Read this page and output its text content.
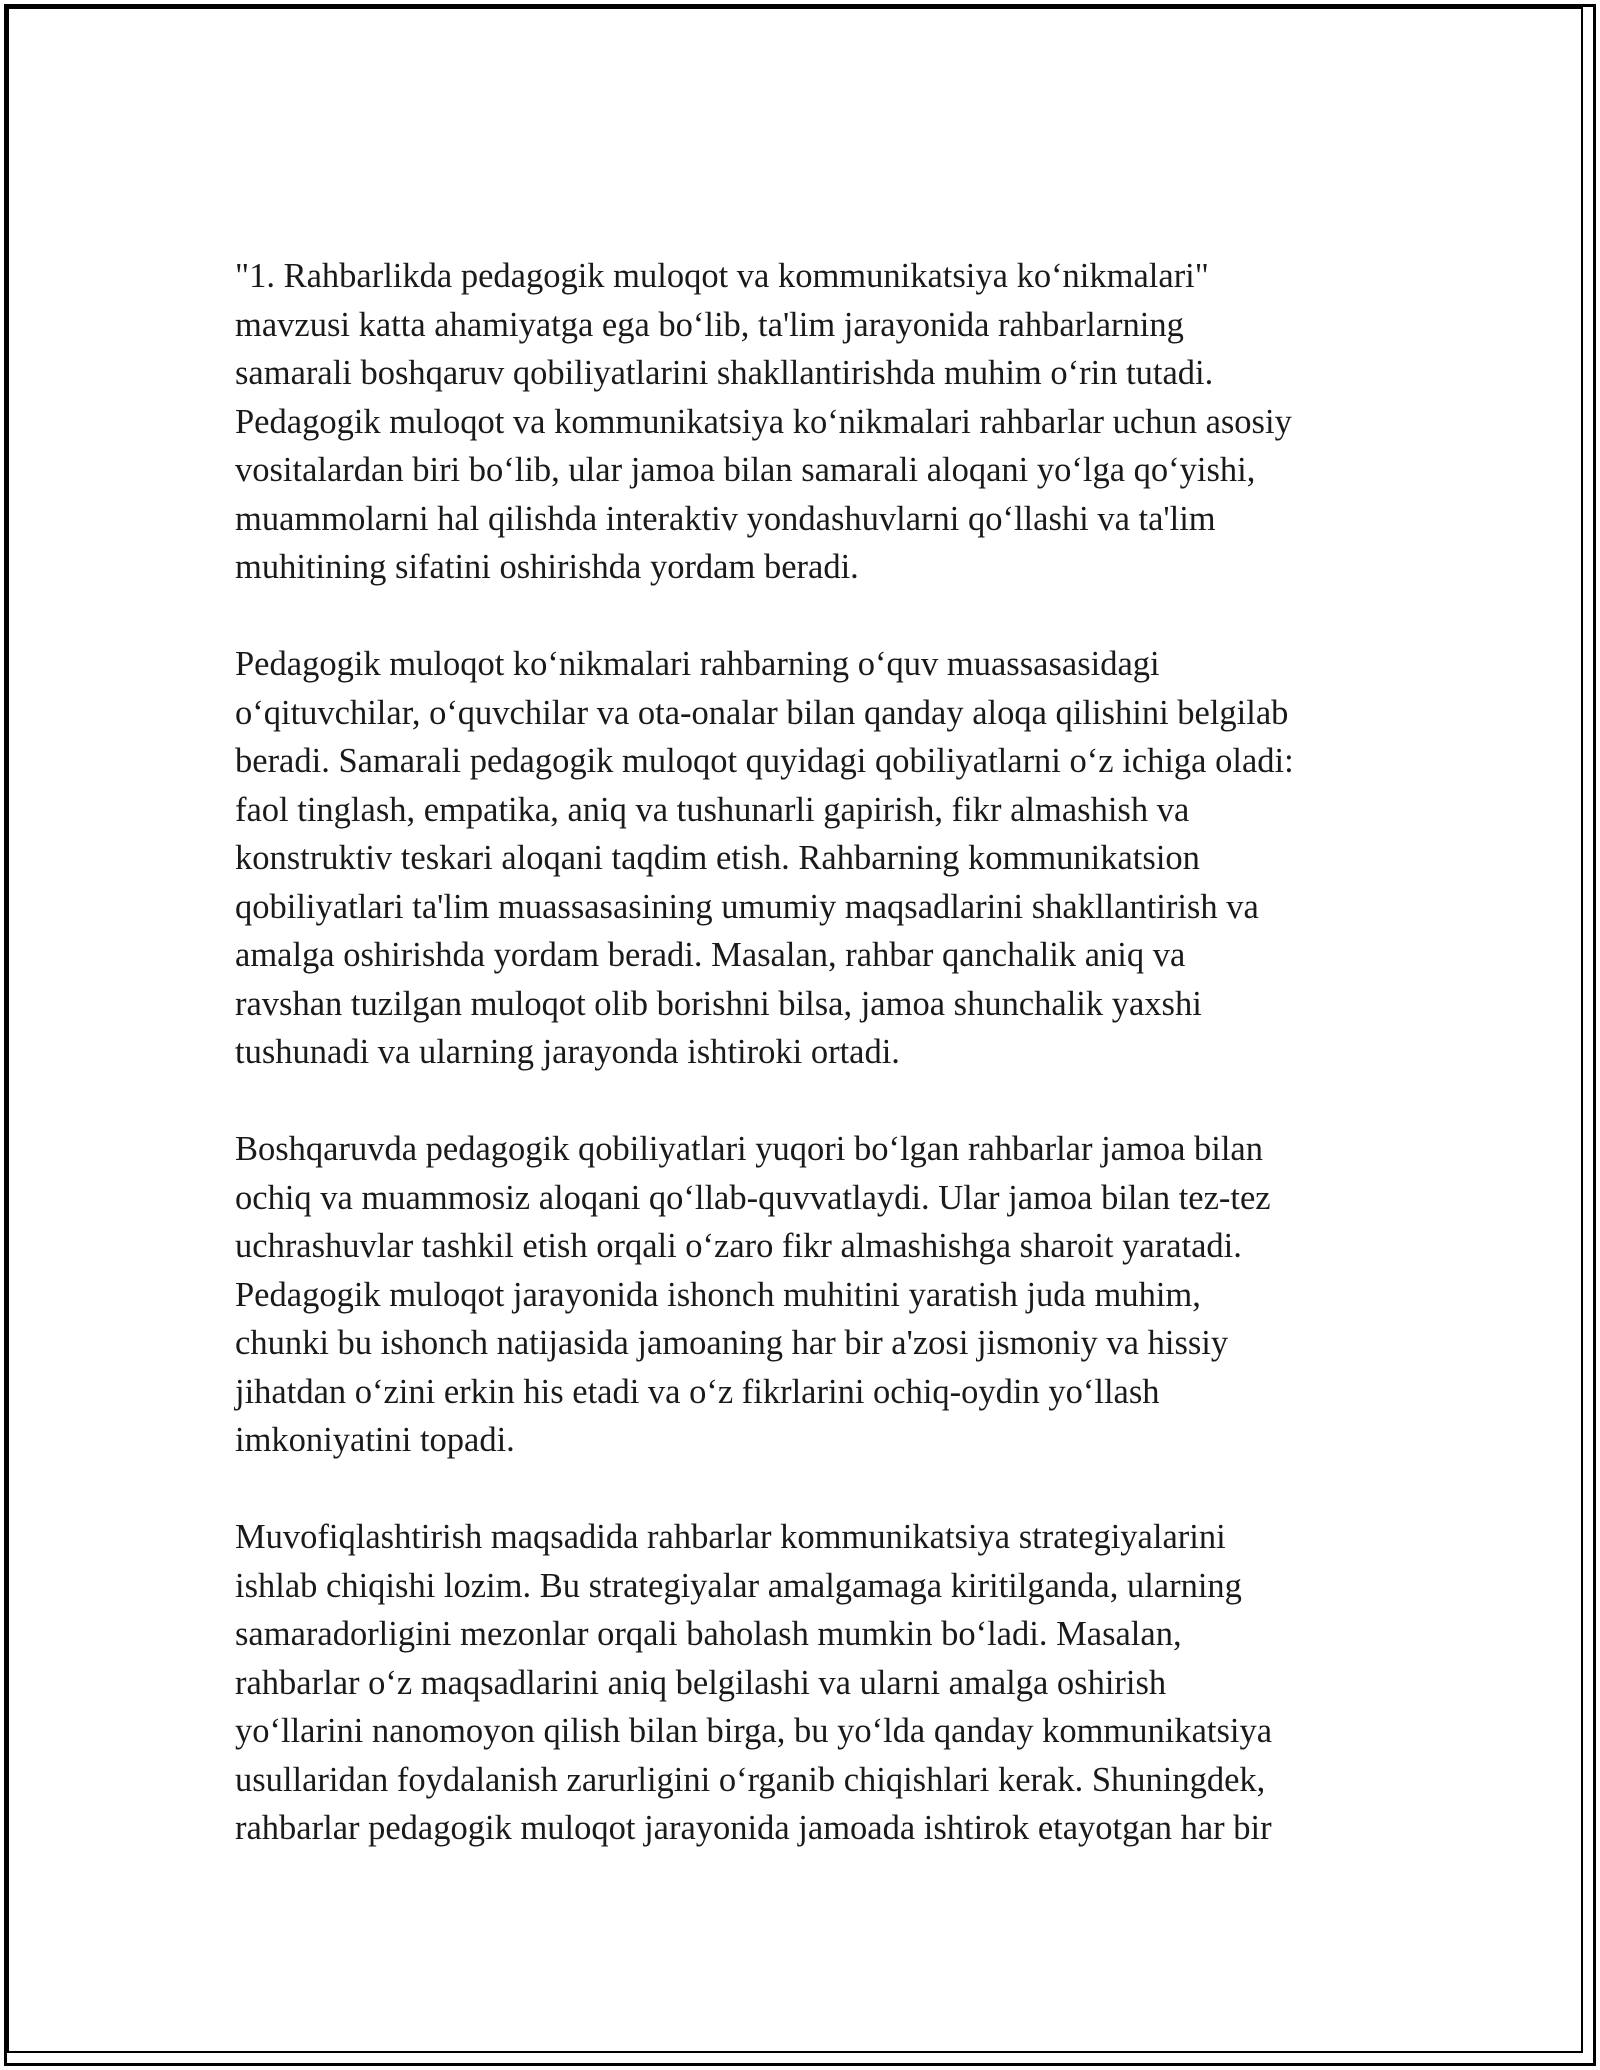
"1. Rahbarlikda pedagogik muloqot va kommunikatsiya ko‘nikmalari"
mavzusi katta ahamiyatga ega bo‘lib, ta'lim jarayonida rahbarlarning
samarali boshqaruv qobiliyatlarini shakllantirishda muhim o‘rin tutadi.
Pedagogik muloqot va kommunikatsiya ko‘nikmalari rahbarlar uchun asosiy
vositalardan biri bo‘lib, ular jamoa bilan samarali aloqani yo‘lga qo‘yishi,
muammolarni hal qilishda interaktiv yondashuvlarni qo‘llashi va ta'lim
muhitining sifatini oshirishda yordam beradi.

Pedagogik muloqot ko‘nikmalari rahbarning o‘quv muassasasidagi
o‘qituvchilar, o‘quvchilar va ota-onalar bilan qanday aloqa qilishini belgilab
beradi. Samarali pedagogik muloqot quyidagi qobiliyatlarni o‘z ichiga oladi:
faol tinglash, empatika, aniq va tushunarli gapirish, fikr almashish va
konstruktiv teskari aloqani taqdim etish. Rahbarning kommunikatsion
qobiliyatlari ta'lim muassasasining umumiy maqsadlarini shakllantirish va
amalga oshirishda yordam beradi. Masalan, rahbar qanchalik aniq va
ravshan tuzilgan muloqot olib borishni bilsa, jamoa shunchalik yaxshi
tushunadi va ularning jarayonda ishtiroki ortadi.

Boshqaruvda pedagogik qobiliyatlari yuqori bo‘lgan rahbarlar jamoa bilan
ochiq va muammosiz aloqani qo‘llab-quvvatlaydi. Ular jamoa bilan tez-tez
uchrashuvlar tashkil etish orqali o‘zaro fikr almashishga sharoit yaratadi.
Pedagogik muloqot jarayonida ishonch muhitini yaratish juda muhim,
chunki bu ishonch natijasida jamoaning har bir a'zosi jismoniy va hissiy
jihatdan o‘zini erkin his etadi va o‘z fikrlarini ochiq-oydin yo‘llash
imkoniyatini topadi.

Muvofiqlashtirish maqsadida rahbarlar kommunikatsiya strategiyalarini
ishlab chiqishi lozim. Bu strategiyalar amalgamaga kiritilganda, ularning
samaradorligini mezonlar orqali baholash mumkin bo‘ladi. Masalan,
rahbarlar o‘z maqsadlarini aniq belgilashi va ularni amalga oshirish
yo‘llarini nanomoyon qilish bilan birga, bu yo‘lda qanday kommunikatsiya
usullaridan foydalanish zarurligini o‘rganib chiqishlari kerak. Shuningdek,
rahbarlar pedagogik muloqot jarayonida jamoada ishtirok etayotgan har bir
